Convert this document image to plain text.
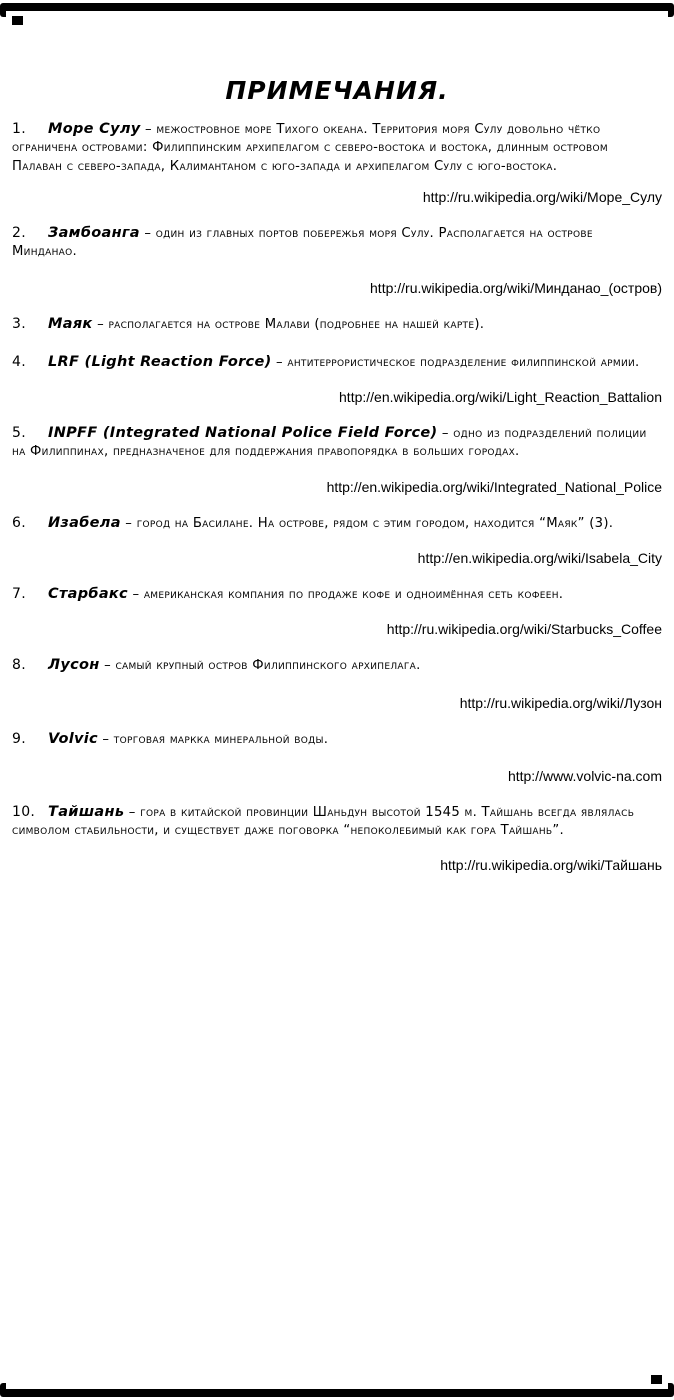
ПРИМЕЧАНИЯ.

1. Море Сулу – межостровное море Тихого океана. Территория моря Сулу довольно чётко ограничена островами: Филиппинским архипелагом с северо-востока и востока, длинным островом Палаван с северо-запада, Калимантаном с юго-запада и архипелагом Сулу с юго-востока.

http://ru.wikipedia.org/wiki/Море_Сулу

2. Замбоанга – один из главных портов побережья моря Сулу. Располагается на острове Минданао.

http://ru.wikipedia.org/wiki/Минданао_(остров)

3. Маяк – располагается на острове Малави (подробнее на нашей карте).

4. LRF (Light Reaction Force) – антитеррористическое подразделение филиппинской армии.

http://en.wikipedia.org/wiki/Light_Reaction_Battalion

5. INPFF (Integrated National Police Field Force) – одно из подразделений полиции на Филиппинах, предназначеное для поддержания правопорядка в больших городах.

http://en.wikipedia.org/wiki/Integrated_National_Police

6. Изабела – город на Басилане. На острове, рядом с этим городом, находится “Маяк” (3).

http://en.wikipedia.org/wiki/Isabela_City

7. Старбакс – американская компания по продаже кофе и одноимённая сеть кофеен.

http://ru.wikipedia.org/wiki/Starbucks_Coffee

8. Лусон – самый крупный остров Филиппинского архипелага.

http://ru.wikipedia.org/wiki/Лузон

9. Volvic – торговая маркка минеральной воды.

http://www.volvic-na.com

10. Тайшань – гора в китайской провинции Шаньдун высотой 1545 м. Тайшань всегда являлась символом стабильности, и существует даже поговорка “непоколебимый как гора Тайшань”.

http://ru.wikipedia.org/wiki/Тайшань
